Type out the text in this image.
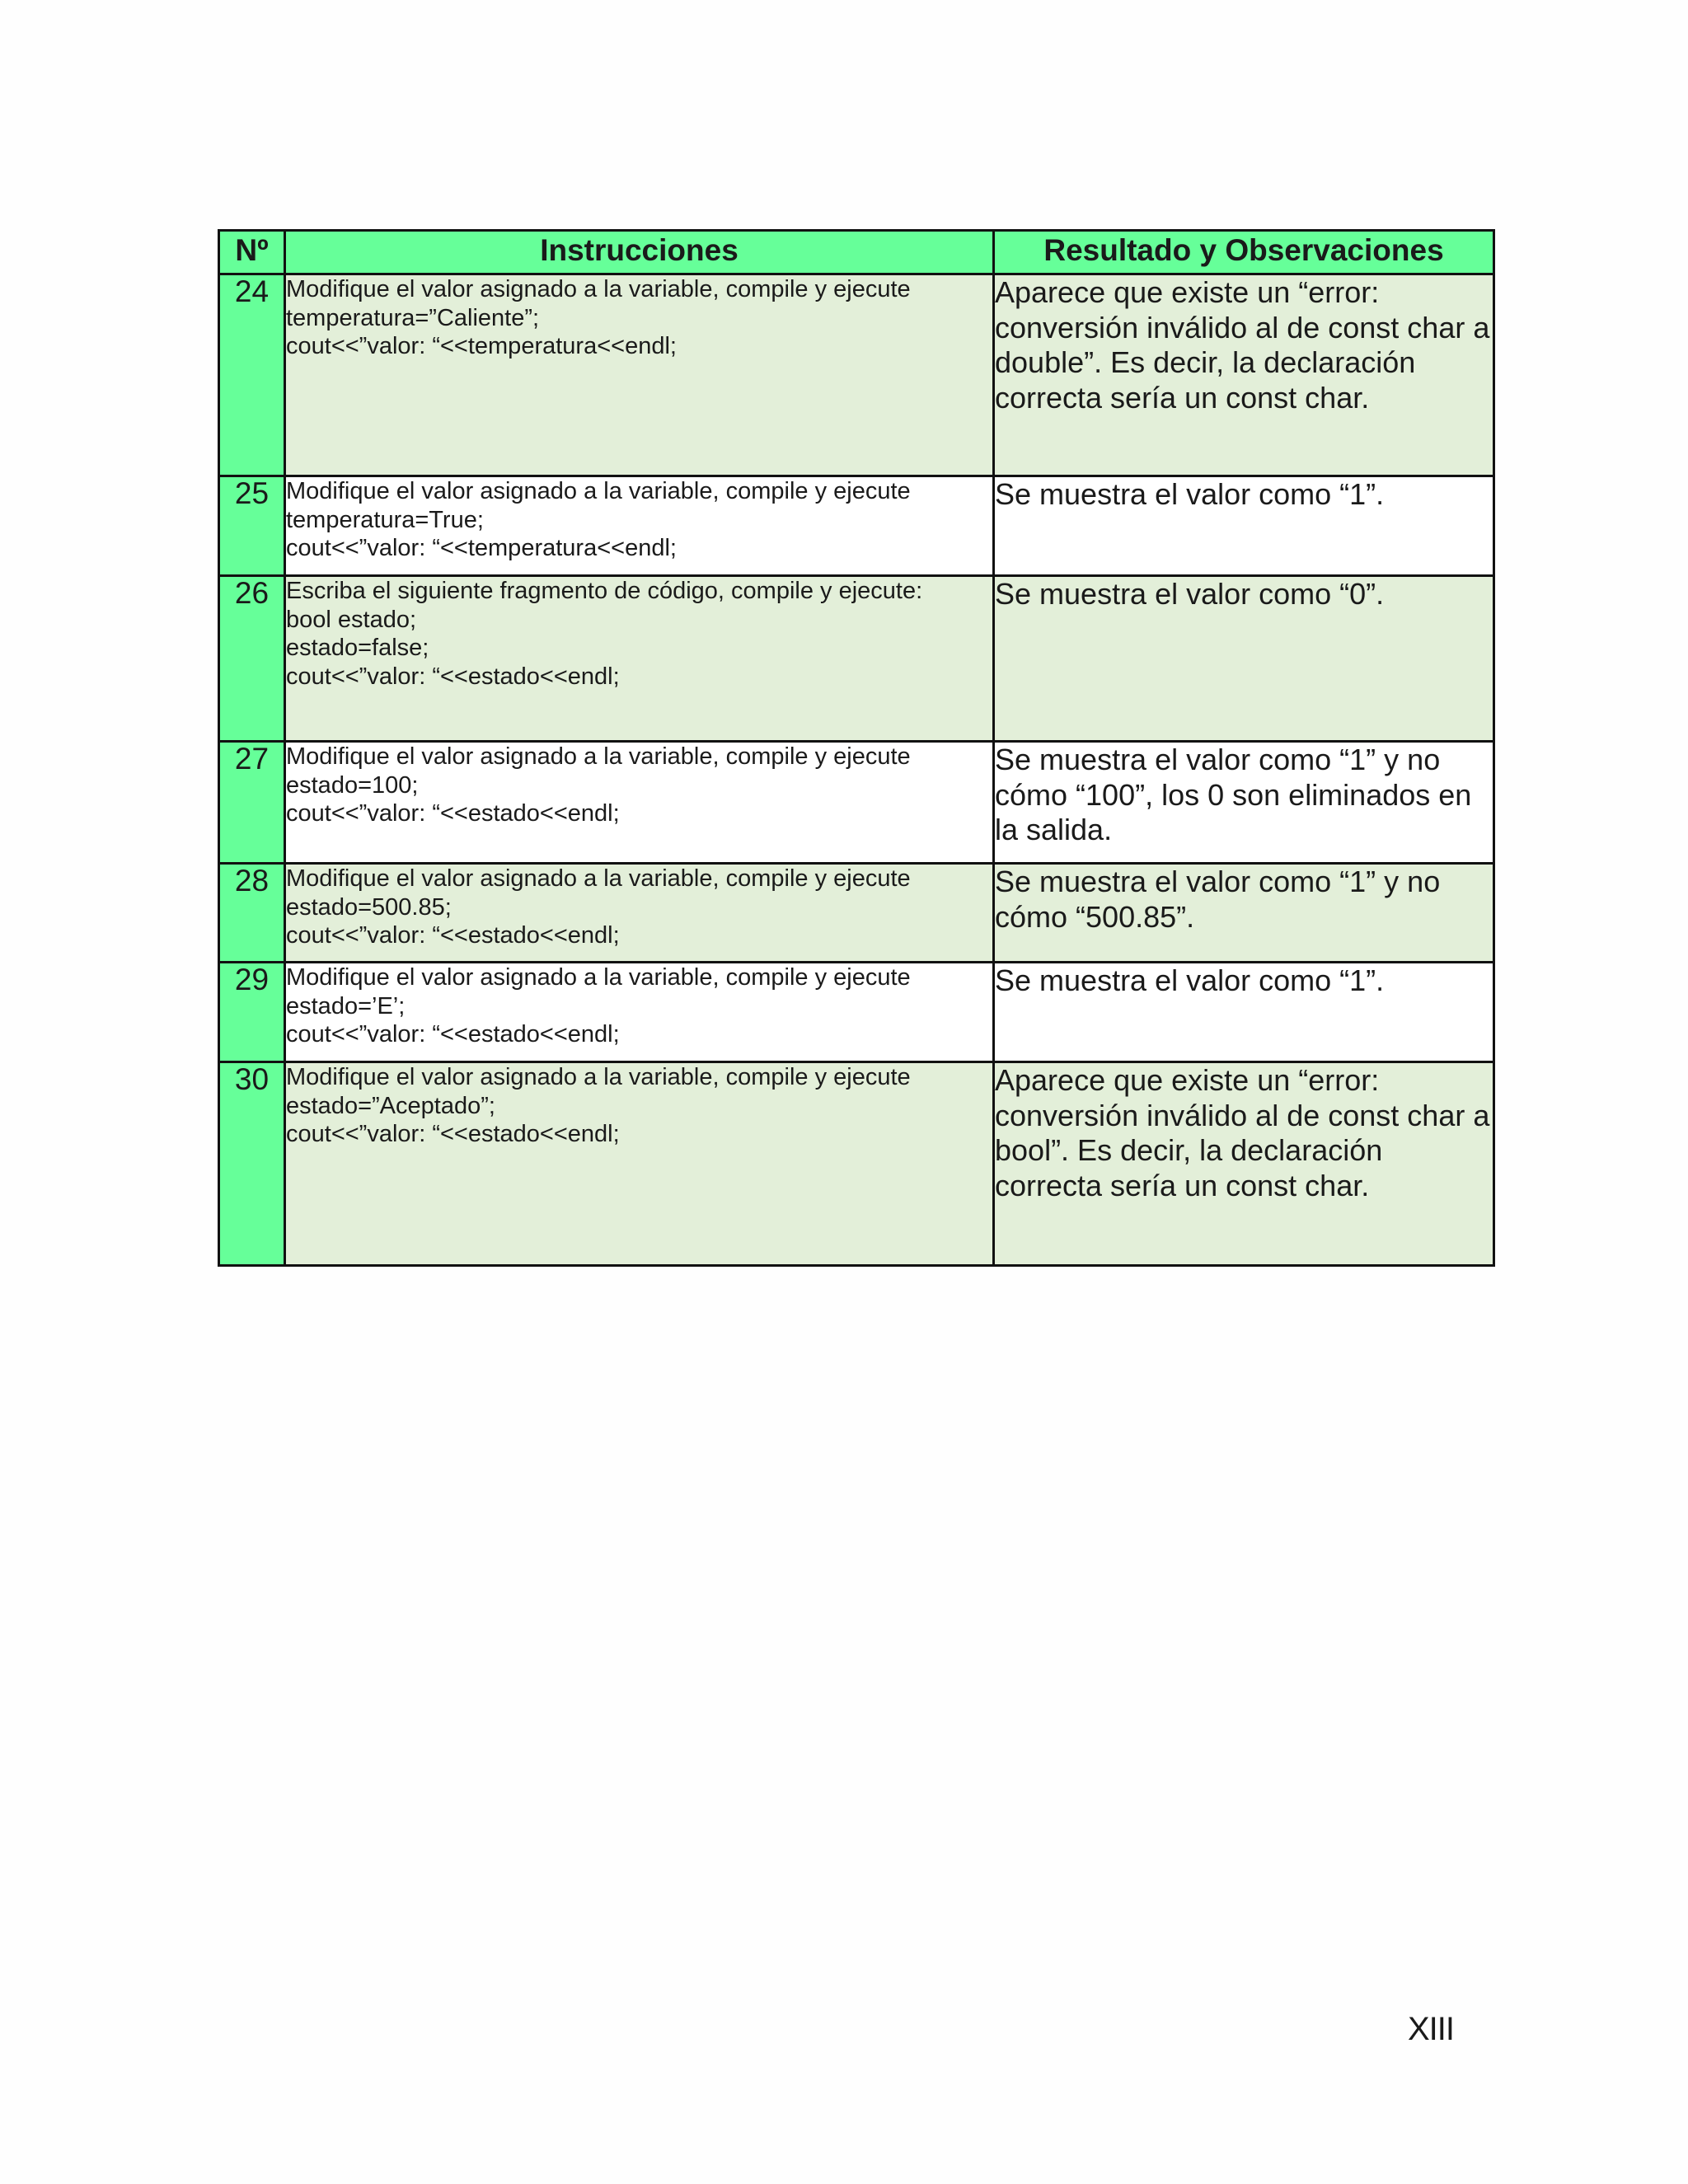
Nº	Instrucciones	Resultado y Observaciones
24	Modifique el valor asignado a la variable, compile y ejecute
temperatura=”Caliente”;
cout<<”valor: “<<temperatura<<endl;	Aparece que existe un “error: conversión inválido al de const char a double”. Es decir, la declaración correcta sería un const char.
25	Modifique el valor asignado a la variable, compile y ejecute
temperatura=True;
cout<<”valor: “<<temperatura<<endl;	Se muestra el valor como “1”.
26	Escriba el siguiente fragmento de código, compile y ejecute:
bool estado;
estado=false;
cout<<”valor: “<<estado<<endl;	Se muestra el valor como “0”.
27	Modifique el valor asignado a la variable, compile y ejecute
estado=100;
cout<<”valor: “<<estado<<endl;	Se muestra el valor como “1” y no cómo “100”, los 0 son eliminados en la salida.
28	Modifique el valor asignado a la variable, compile y ejecute
estado=500.85;
cout<<”valor: “<<estado<<endl;	Se muestra el valor como “1” y no cómo “500.85”.
29	Modifique el valor asignado a la variable, compile y ejecute
estado=’E’;
cout<<”valor: “<<estado<<endl;	Se muestra el valor como “1”.
30	Modifique el valor asignado a la variable, compile y ejecute
estado=”Aceptado”;
cout<<”valor: “<<estado<<endl;	Aparece que existe un “error: conversión inválido al de const char a bool”. Es decir, la declaración correcta sería un const char.
XIII
